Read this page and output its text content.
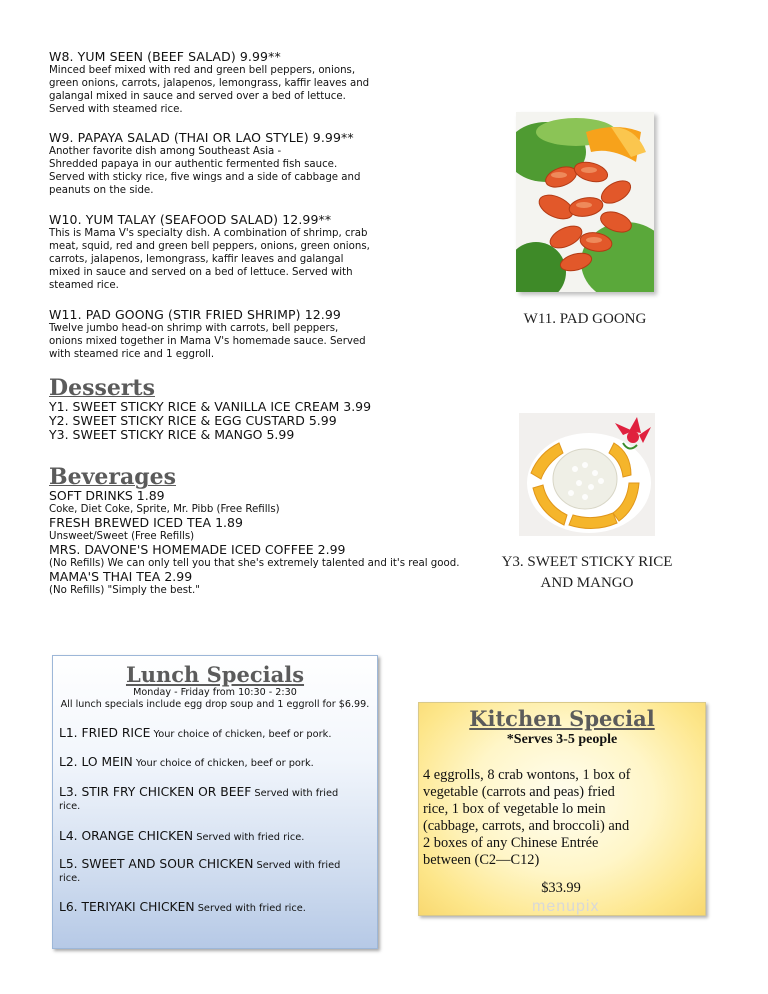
W8. YUM SEEN (BEEF SALAD) 9.99**
Minced beef mixed with red and green bell peppers, onions,
green onions, carrots, jalapenos, lemongrass, kaffir leaves and
galangal mixed in sauce and served over a bed of lettuce.
Served with steamed rice.
W9. PAPAYA SALAD (THAI OR LAO STYLE) 9.99**
Another favorite dish among Southeast Asia -
Shredded papaya in our authentic fermented fish sauce.
Served with sticky rice, five wings and a side of cabbage and
peanuts on the side.
W10. YUM TALAY (SEAFOOD SALAD) 12.99**
This is Mama V's specialty dish. A combination of shrimp, crab
meat, squid, red and green bell peppers, onions, green onions,
carrots, jalapenos, lemongrass, kaffir leaves and galangal
mixed in sauce and served on a bed of lettuce. Served with
steamed rice.
W11. PAD GOONG (STIR FRIED SHRIMP) 12.99
Twelve jumbo head-on shrimp with carrots, bell peppers,
onions mixed together in Mama V's homemade sauce. Served
with steamed rice and 1 eggroll.
Desserts
Y1. SWEET STICKY RICE & VANILLA ICE CREAM 3.99
Y2. SWEET STICKY RICE & EGG CUSTARD 5.99
Y3. SWEET STICKY RICE & MANGO 5.99
Beverages
SOFT DRINKS 1.89
Coke, Diet Coke, Sprite, Mr. Pibb (Free Refills)
FRESH BREWED ICED TEA 1.89
Unsweet/Sweet (Free Refills)
MRS. DAVONE'S HOMEMADE ICED COFFEE 2.99
(No Refills) We can only tell you that she's extremely talented and it's real good.
MAMA'S THAI TEA 2.99
(No Refills) "Simply the best."
W11. PAD GOONG
Y3. SWEET STICKY RICE
AND MANGO
Lunch Specials
Monday - Friday from 10:30 - 2:30
All lunch specials include egg drop soup and 1 eggroll for $6.99.
L1. FRIED RICE Your choice of chicken, beef or pork.
L2. LO MEIN Your choice of chicken, beef or pork.
L3. STIR FRY CHICKEN OR BEEF Served with fried rice.
L4. ORANGE CHICKEN Served with fried rice.
L5. SWEET AND SOUR CHICKEN Served with fried rice.
L6. TERIYAKI CHICKEN Served with fried rice.
Kitchen Special
*Serves 3-5 people
4 eggrolls, 8 crab wontons, 1 box of
vegetable (carrots and peas) fried
rice, 1 box of vegetable lo mein
(cabbage, carrots, and broccoli) and
2 boxes of any Chinese Entrée
between (C2—C12)
$33.99
menupix
